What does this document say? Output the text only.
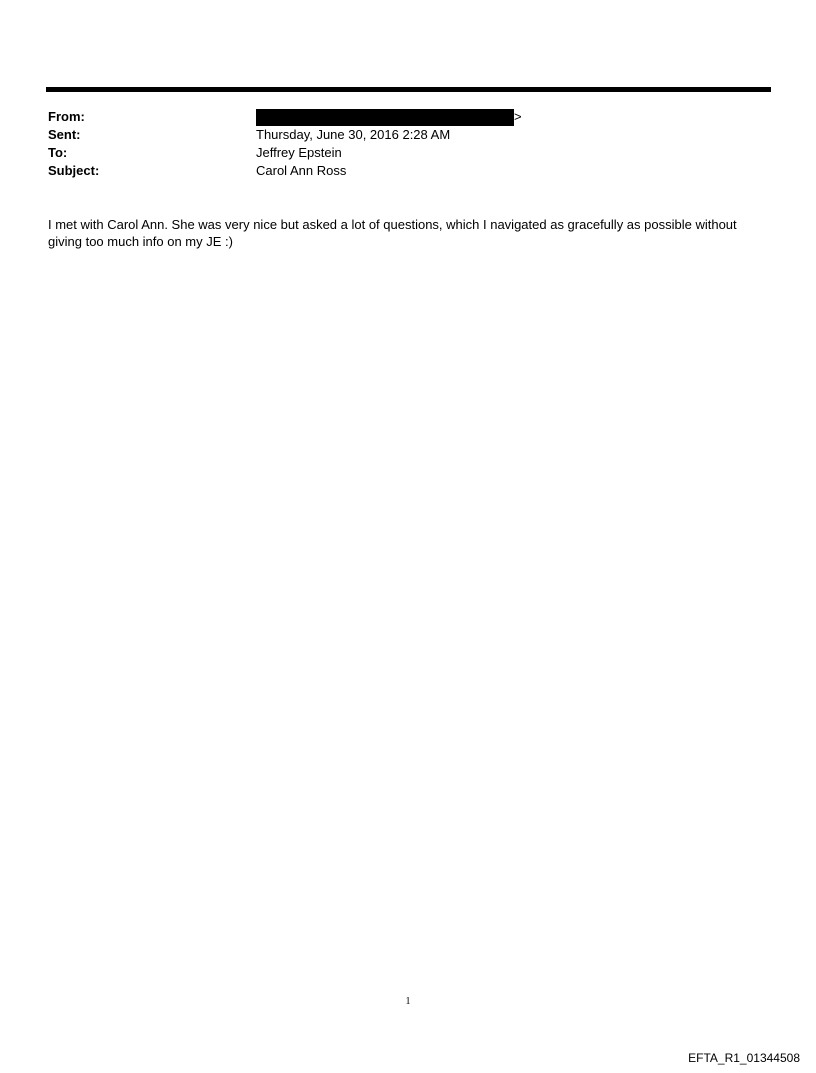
From:	>
Sent:	Thursday, June 30, 2016 2:28 AM
To:	Jeffrey Epstein
Subject:	Carol Ann Ross
I met with Carol Ann. She was very nice but asked a lot of questions, which I navigated as gracefully as possible without giving too much info on my JE :)
1
EFTA_R1_01344508
